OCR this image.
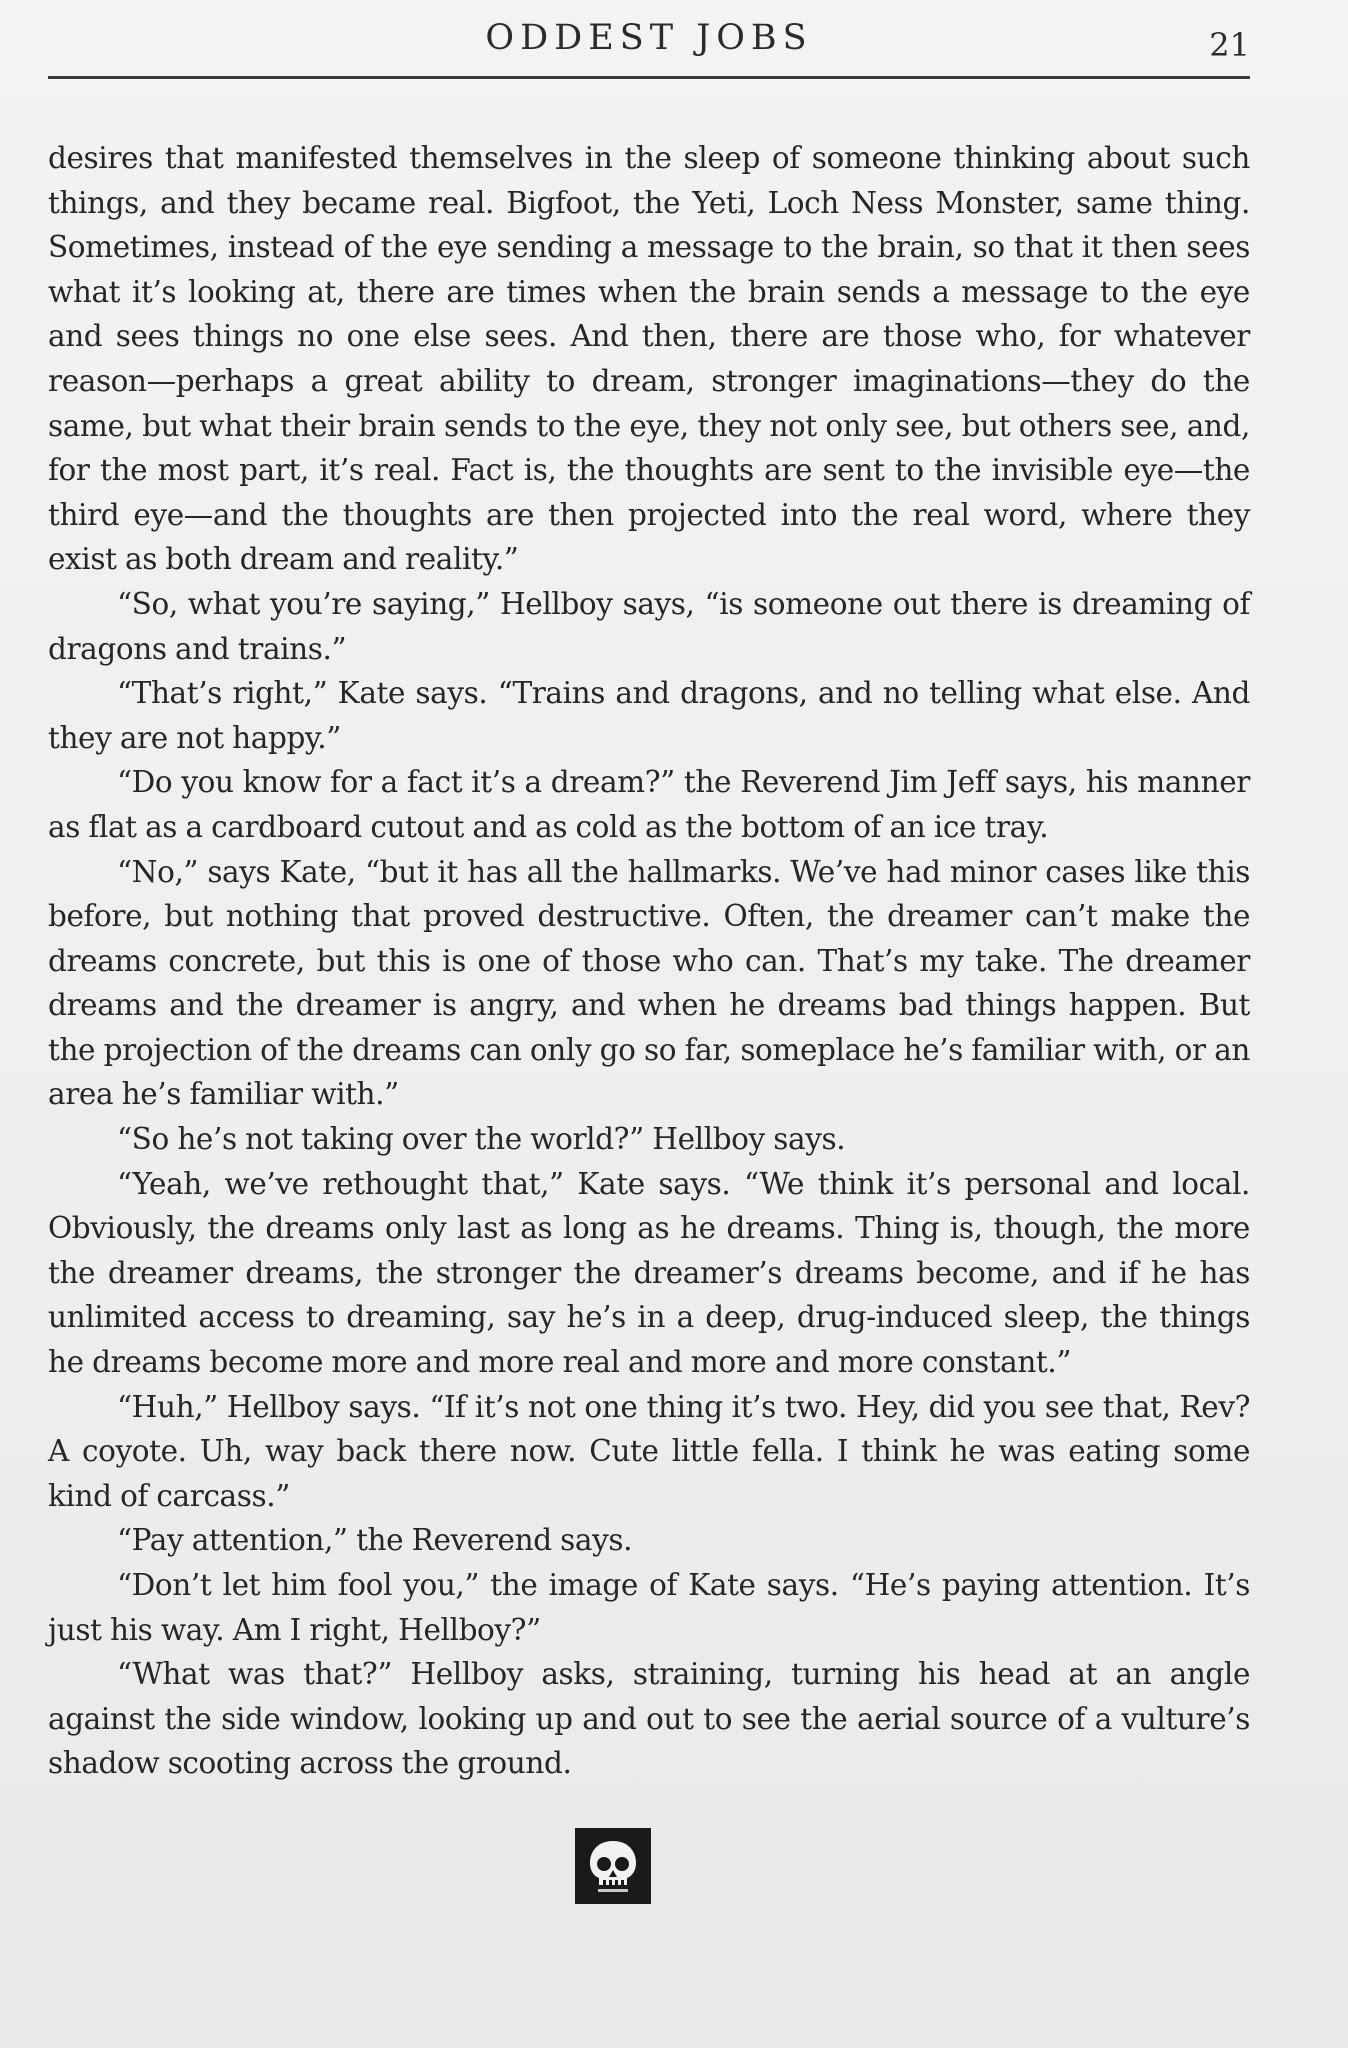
ODDEST JOBS	21

desires that manifested themselves in the sleep of someone thinking about such things, and they became real. Bigfoot, the Yeti, Loch Ness Monster, same thing. Sometimes, instead of the eye sending a message to the brain, so that it then sees what it’s looking at, there are times when the brain sends a message to the eye and sees things no one else sees. And then, there are those who, for whatever reason—perhaps a great ability to dream, stronger imaginations—they do the same, but what their brain sends to the eye, they not only see, but others see, and, for the most part, it’s real. Fact is, the thoughts are sent to the invisible eye—the third eye—and the thoughts are then projected into the real word, where they exist as both dream and reality.”

“So, what you’re saying,” Hellboy says, “is someone out there is dreaming of dragons and trains.”

“That’s right,” Kate says. “Trains and dragons, and no telling what else. And they are not happy.”

“Do you know for a fact it’s a dream?” the Reverend Jim Jeff says, his manner as flat as a cardboard cutout and as cold as the bottom of an ice tray.

“No,” says Kate, “but it has all the hallmarks. We’ve had minor cases like this before, but nothing that proved destructive. Often, the dreamer can’t make the dreams concrete, but this is one of those who can. That’s my take. The dreamer dreams and the dreamer is angry, and when he dreams bad things happen. But the projection of the dreams can only go so far, someplace he’s familiar with, or an area he’s familiar with.”

“So he’s not taking over the world?” Hellboy says.

“Yeah, we’ve rethought that,” Kate says. “We think it’s personal and local. Obviously, the dreams only last as long as he dreams. Thing is, though, the more the dreamer dreams, the stronger the dreamer’s dreams become, and if he has unlimited access to dreaming, say he’s in a deep, drug-induced sleep, the things he dreams become more and more real and more and more constant.”

“Huh,” Hellboy says. “If it’s not one thing it’s two. Hey, did you see that, Rev? A coyote. Uh, way back there now. Cute little fella. I think he was eating some kind of carcass.”

“Pay attention,” the Reverend says.

“Don’t let him fool you,” the image of Kate says. “He’s paying attention. It’s just his way. Am I right, Hellboy?”

“What was that?” Hellboy asks, straining, turning his head at an angle against the side window, looking up and out to see the aerial source of a vulture’s shadow scooting across the ground.
